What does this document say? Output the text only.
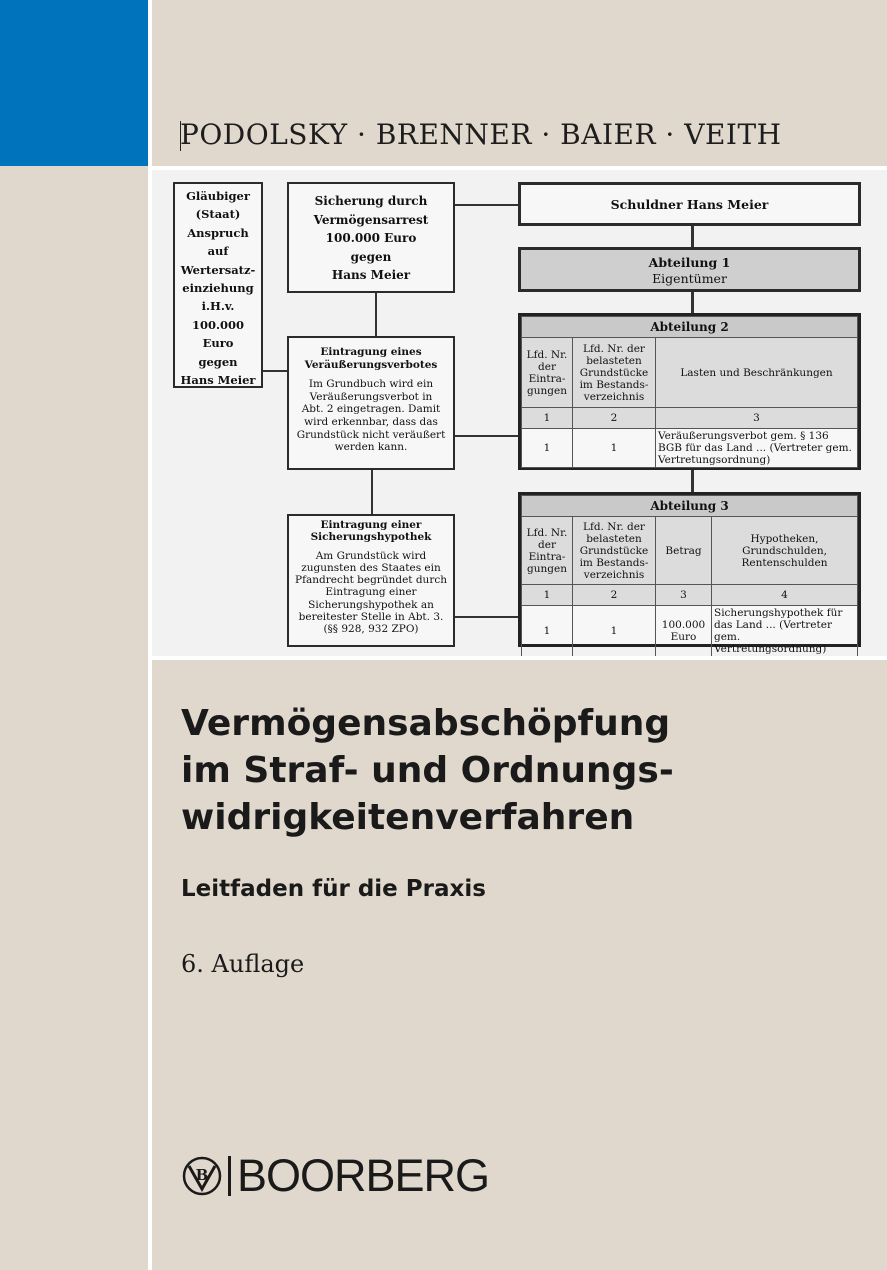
PODOLSKY · BRENNER · BAIER · VEITH
Gläubiger
(Staat)
Anspruch
auf
Wertersatz-
einziehung
i.H.v.
100.000
Euro
gegen
Hans Meier
Sicherung durch
Vermögensarrest
100.000 Euro
gegen
Hans Meier
Eintragung eines
Veräußerungsverbotes
Im Grundbuch wird ein
Veräußerungsverbot in
Abt. 2 eingetragen. Damit
wird erkennbar, dass das
Grundstück nicht veräußert
werden kann.
Eintragung einer
Sicherungshypothek
Am Grundstück wird
zugunsten des Staates ein
Pfandrecht begründet durch
Eintragung einer
Sicherungshypothek an
bereitester Stelle in Abt. 3.
(§§ 928, 932 ZPO)
Schuldner Hans Meier
Abteilung 1
Eigentümer
Abteilung 2		
Lfd. Nr. der Eintra-gungen	Lfd. Nr. der belasteten Grundstücke im Bestands-verzeichnis	Lasten und Beschränkungen
1	2	3
1	1	Veräußerungsverbot gem. § 136 BGB für das Land ... (Vertreter gem. Vertretungsordnung)
Abteilung 3			
Lfd. Nr. der Eintra-gungen	Lfd. Nr. der belasteten Grundstücke im Bestands-verzeichnis	Betrag	Hypotheken, Grundschulden, Rentenschulden
1	2	3	4
1	1	100.000 Euro	Sicherungshypothek für das Land ... (Vertreter gem. Vertretungsordnung)
Vermögensabschöpfung
im Straf- und Ordnungs-
widrigkeitenverfahren
Leitfaden für die Praxis
6. Auflage
B BOORBERG
